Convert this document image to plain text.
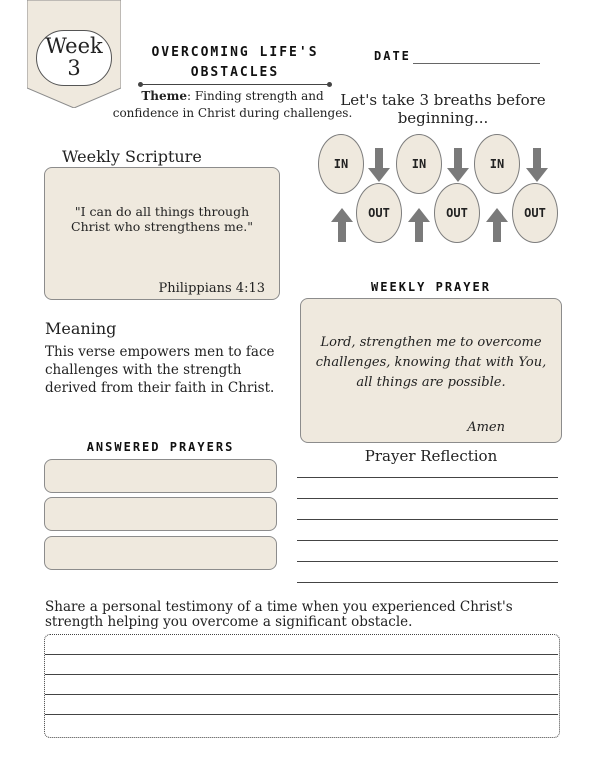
Week
3
OVERCOMING LIFE'S
OBSTACLES
Theme: Finding strength and
confidence in Christ during challenges.
DATE
Let's take 3 breaths before
beginning...
IN	IN	IN
OUT	OUT	OUT
Weekly Scripture
"I can do all things through
Christ who strengthens me."
Philippians 4:13
Meaning
This verse empowers men to face
challenges with the strength
derived from their faith in Christ.
WEEKLY PRAYER
Lord, strengthen me to overcome
challenges, knowing that with You,
all things are possible.
Amen
ANSWERED PRAYERS	Prayer Reflection
Share a personal testimony of a time when you experienced Christ's
strength helping you overcome a significant obstacle.
